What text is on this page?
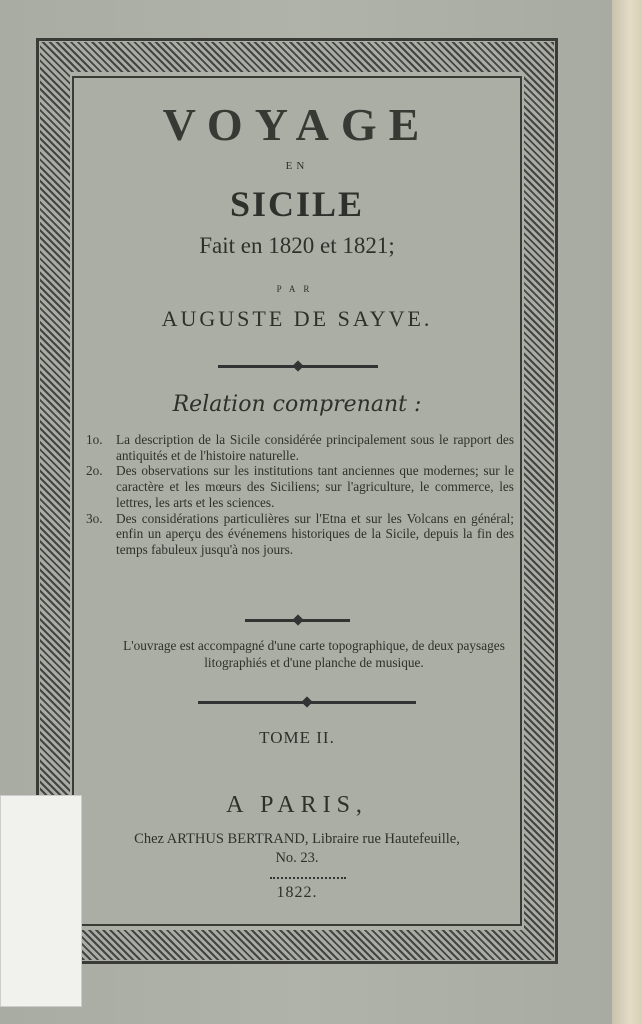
VOYAGE
EN
SICILE
Fait en 1820 et 1821;
PAR
AUGUSTE DE SAYVE.
Relation comprenant :
1o. La description de la Sicile considérée principalement sous le rapport des antiquités et de l'histoire naturelle.
2o. Des observations sur les institutions tant anciennes que modernes; sur le caractère et les mœurs des Siciliens; sur l'agriculture, le commerce, les lettres, les arts et les sciences.
3o. Des considérations particulières sur l'Etna et sur les Volcans en général; enfin un aperçu des événemens historiques de la Sicile, depuis la fin des temps fabuleux jusqu'à nos jours.
L'ouvrage est accompagné d'une carte topographique, de deux paysages litographiés et d'une planche de musique.
TOME II.
A PARIS,
Chez ARTHUS BERTRAND, Libraire rue Hautefeuille,
No. 23.
1822.
